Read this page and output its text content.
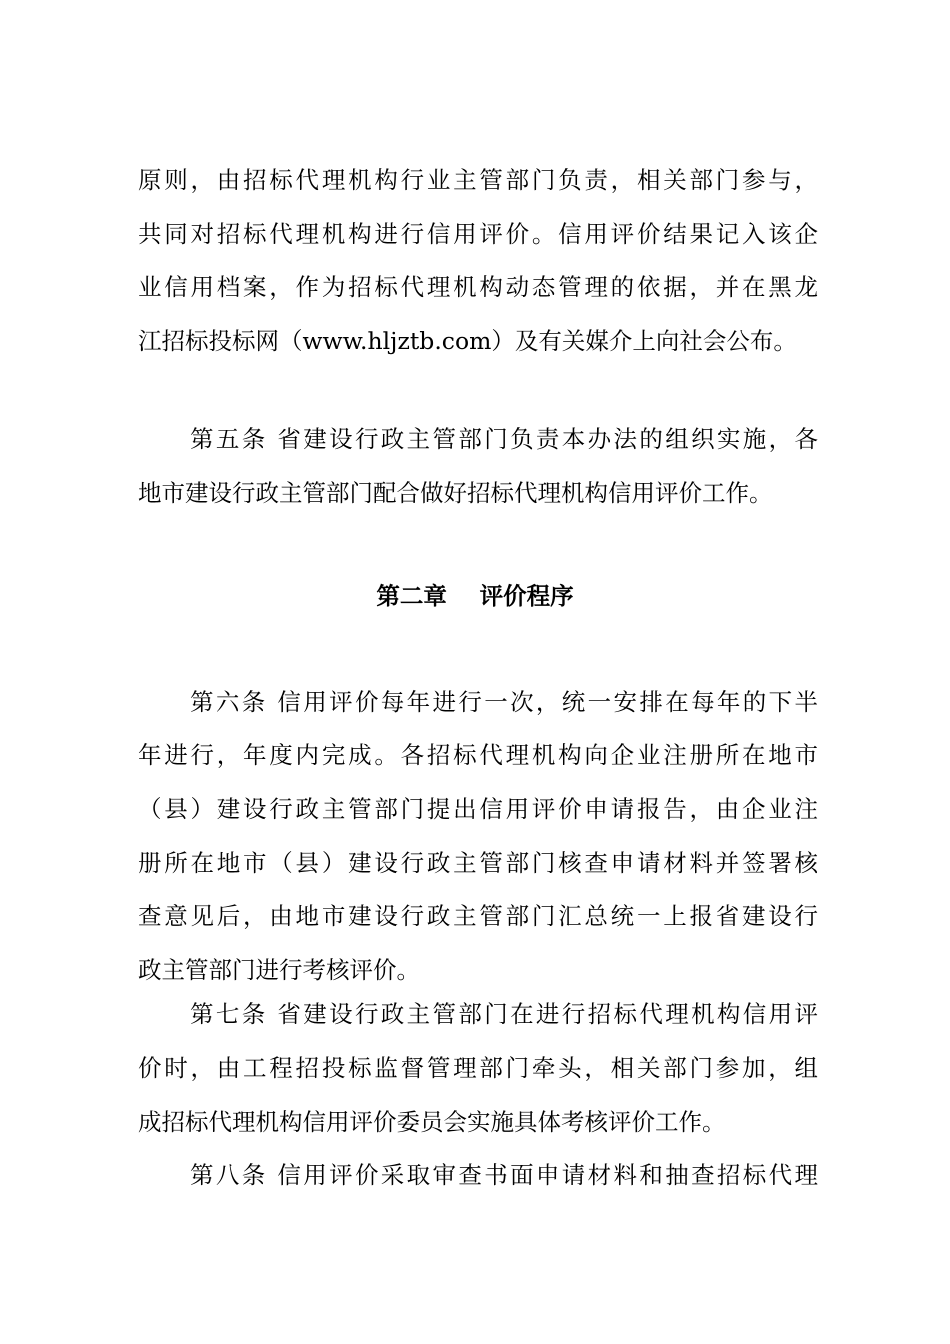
原则，由招标代理机构行业主管部门负责，相关部门参与，
共同对招标代理机构进行信用评价。信用评价结果记入该企
业信用档案，作为招标代理机构动态管理的依据，并在黑龙
江招标投标网（www.hljztb.com）及有关媒介上向社会公布。
第五条 省建设行政主管部门负责本办法的组织实施，各
地市建设行政主管部门配合做好招标代理机构信用评价工作。
第二章    评价程序
第六条 信用评价每年进行一次，统一安排在每年的下半
年进行，年度内完成。各招标代理机构向企业注册所在地市
（县）建设行政主管部门提出信用评价申请报告，由企业注
册所在地市（县）建设行政主管部门核查申请材料并签署核
查意见后，由地市建设行政主管部门汇总统一上报省建设行
政主管部门进行考核评价。
第七条 省建设行政主管部门在进行招标代理机构信用评
价时，由工程招投标监督管理部门牵头，相关部门参加，组
成招标代理机构信用评价委员会实施具体考核评价工作。
第八条 信用评价采取审查书面申请材料和抽查招标代理
